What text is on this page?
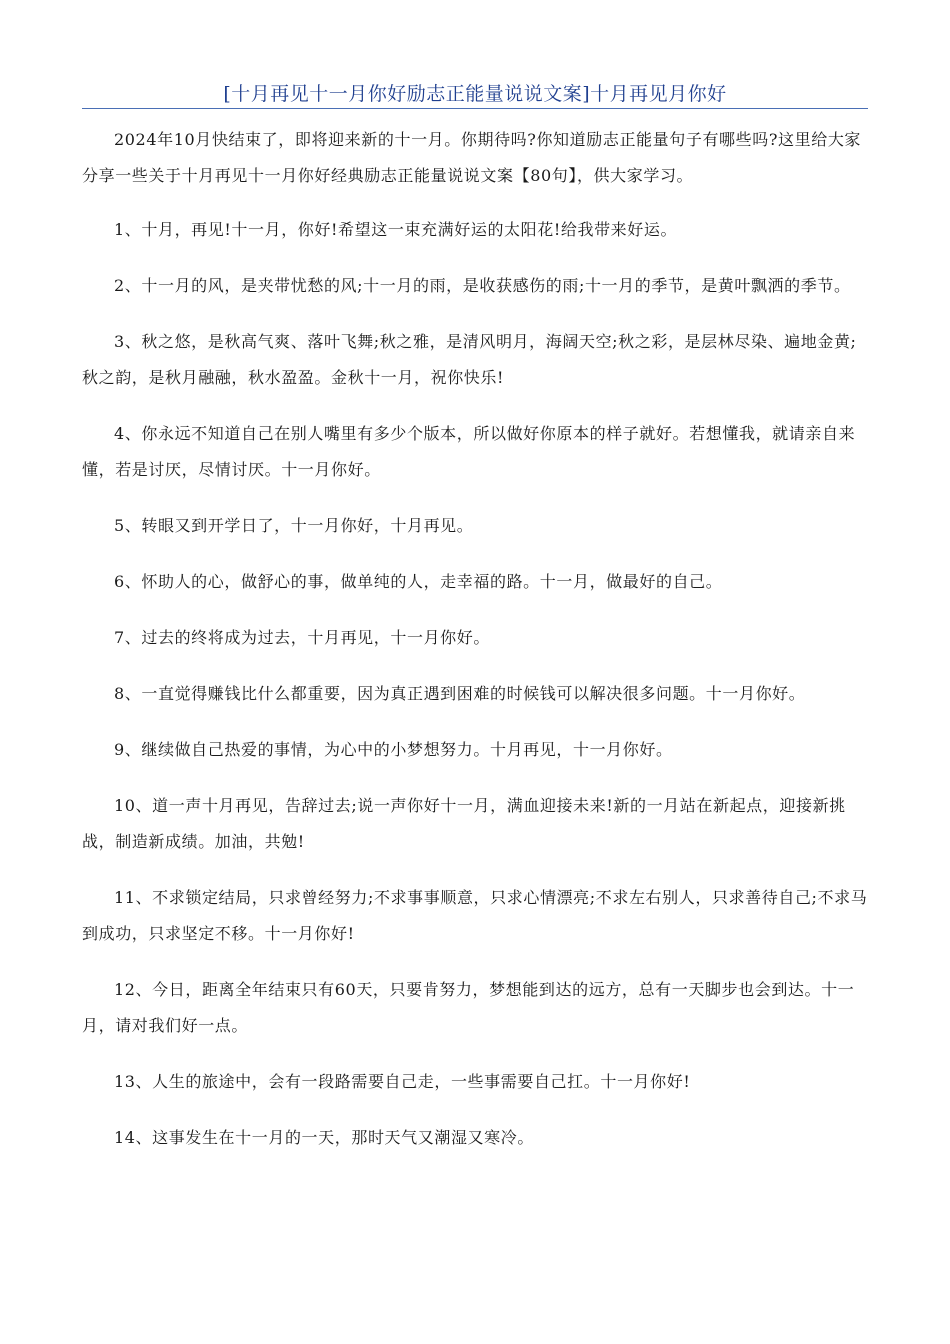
[十月再见十一月你好励志正能量说说文案]十月再见月你好

2024年10月快结束了，即将迎来新的十一月。你期待吗?你知道励志正能量句子有哪些吗?这里给大家分享一些关于十月再见十一月你好经典励志正能量说说文案【80句】，供大家学习。

1、十月，再见!十一月，你好!希望这一束充满好运的太阳花!给我带来好运。

2、十一月的风，是夹带忧愁的风;十一月的雨，是收获感伤的雨;十一月的季节，是黄叶飘洒的季节。

3、秋之悠，是秋高气爽、落叶飞舞;秋之雅，是清风明月，海阔天空;秋之彩，是层林尽染、遍地金黄;秋之韵，是秋月融融，秋水盈盈。金秋十一月，祝你快乐!

4、你永远不知道自己在别人嘴里有多少个版本，所以做好你原本的样子就好。若想懂我，就请亲自来懂，若是讨厌，尽情讨厌。十一月你好。

5、转眼又到开学日了，十一月你好，十月再见。

6、怀助人的心，做舒心的事，做单纯的人，走幸福的路。十一月，做最好的自己。

7、过去的终将成为过去，十月再见，十一月你好。

8、一直觉得赚钱比什么都重要，因为真正遇到困难的时候钱可以解决很多问题。十一月你好。

9、继续做自己热爱的事情，为心中的小梦想努力。十月再见，十一月你好。

10、道一声十月再见，告辞过去;说一声你好十一月，满血迎接未来!新的一月站在新起点，迎接新挑战，制造新成绩。加油，共勉!

11、不求锁定结局，只求曾经努力;不求事事顺意，只求心情漂亮;不求左右别人，只求善待自己;不求马到成功，只求坚定不移。十一月你好!

12、今日，距离全年结束只有60天，只要肯努力，梦想能到达的远方，总有一天脚步也会到达。十一月，请对我们好一点。

13、人生的旅途中，会有一段路需要自己走，一些事需要自己扛。十一月你好!

14、这事发生在十一月的一天，那时天气又潮湿又寒冷。
